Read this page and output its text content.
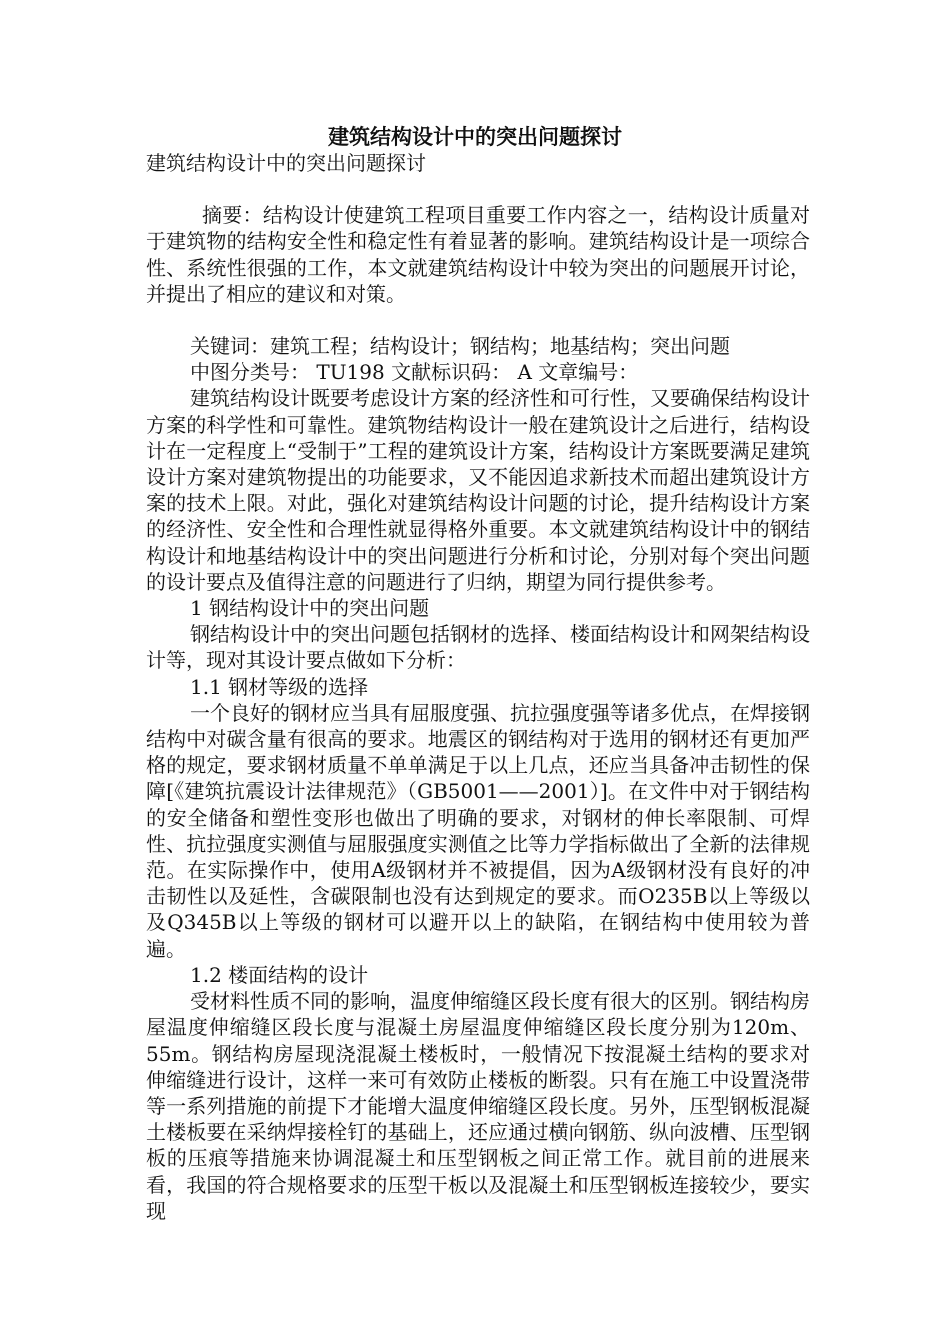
建筑结构设计中的突出问题探讨

建筑结构设计中的突出问题探讨

摘要：结构设计使建筑工程项目重要工作内容之一，结构设计质量对于建筑物的结构安全性和稳定性有着显著的影响。建筑结构设计是一项综合性、系统性很强的工作，本文就建筑结构设计中较为突出的问题展开讨论，并提出了相应的建议和对策。

关键词：建筑工程；结构设计；钢结构；地基结构；突出问题

中图分类号： TU198 文献标识码： A 文章编号：

建筑结构设计既要考虑设计方案的经济性和可行性，又要确保结构设计方案的科学性和可靠性。建筑物结构设计一般在建筑设计之后进行，结构设计在一定程度上“受制于”工程的建筑设计方案，结构设计方案既要满足建筑设计方案对建筑物提出的功能要求，又不能因追求新技术而超出建筑设计方案的技术上限。对此，强化对建筑结构设计问题的讨论，提升结构设计方案的经济性、安全性和合理性就显得格外重要。本文就建筑结构设计中的钢结构设计和地基结构设计中的突出问题进行分析和讨论，分别对每个突出问题的设计要点及值得注意的问题进行了归纳，期望为同行提供参考。

1 钢结构设计中的突出问题

钢结构设计中的突出问题包括钢材的选择、楼面结构设计和网架结构设计等，现对其设计要点做如下分析：

1.1 钢材等级的选择

一个良好的钢材应当具有屈服度强、抗拉强度强等诸多优点，在焊接钢结构中对碳含量有很高的要求。地震区的钢结构对于选用的钢材还有更加严格的规定，要求钢材质量不单单满足于以上几点，还应当具备冲击韧性的保障[《建筑抗震设计法律规范》（GB5001——2001）]。在文件中对于钢结构的安全储备和塑性变形也做出了明确的要求，对钢材的伸长率限制、可焊性、抗拉强度实测值与屈服强度实测值之比等力学指标做出了全新的法律规范。在实际操作中，使用A级钢材并不被提倡，因为A级钢材没有良好的冲击韧性以及延性，含碳限制也没有达到规定的要求。而O235B以上等级以及Q345B以上等级的钢材可以避开以上的缺陷，在钢结构中使用较为普遍。

1.2 楼面结构的设计

受材料性质不同的影响，温度伸缩缝区段长度有很大的区别。钢结构房屋温度伸缩缝区段长度与混凝土房屋温度伸缩缝区段长度分别为120m、55m。钢结构房屋现浇混凝土楼板时，一般情况下按混凝土结构的要求对伸缩缝进行设计，这样一来可有效防止楼板的断裂。只有在施工中设置浇带等一系列措施的前提下才能增大温度伸缩缝区段长度。另外，压型钢板混凝土楼板要在采纳焊接栓钉的基础上，还应通过横向钢筋、纵向波槽、压型钢板的压痕等措施来协调混凝土和压型钢板之间正常工作。就目前的进展来看，我国的符合规格要求的压型干板以及混凝土和压型钢板连接较少，要实现
